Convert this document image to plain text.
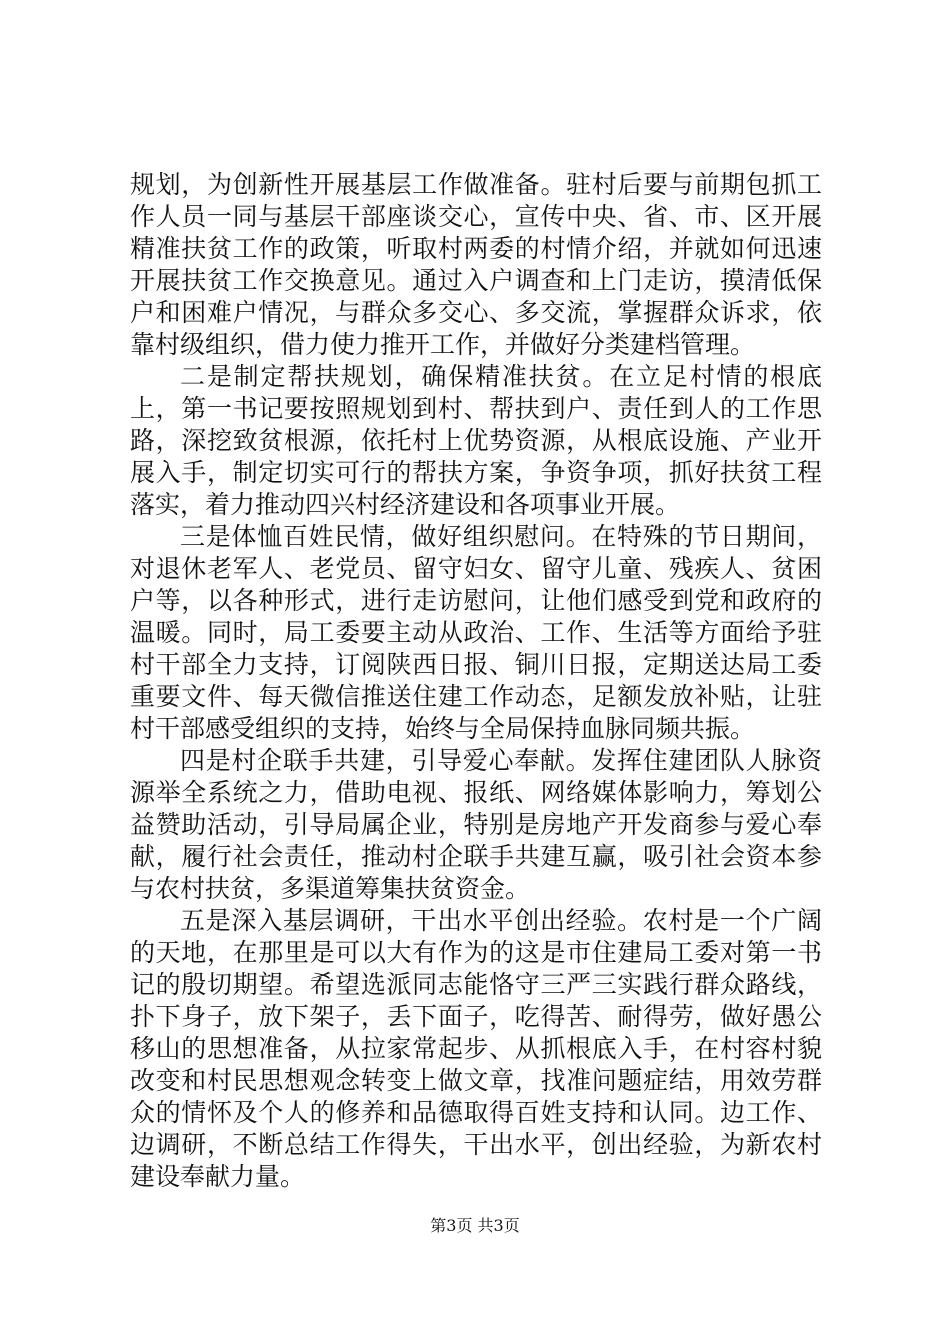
规划，为创新性开展基层工作做准备。驻村后要与前期包抓工作人员一同与基层干部座谈交心，宣传中央、省、市、区开展精准扶贫工作的政策，听取村两委的村情介绍，并就如何迅速开展扶贫工作交换意见。通过入户调查和上门走访，摸清低保户和困难户情况，与群众多交心、多交流，掌握群众诉求，依靠村级组织，借力使力推开工作，并做好分类建档管理。

二是制定帮扶规划，确保精准扶贫。在立足村情的根底上，第一书记要按照规划到村、帮扶到户、责任到人的工作思路，深挖致贫根源，依托村上优势资源，从根底设施、产业开展入手，制定切实可行的帮扶方案，争资争项，抓好扶贫工程落实，着力推动四兴村经济建设和各项事业开展。

三是体恤百姓民情，做好组织慰问。在特殊的节日期间，对退休老军人、老党员、留守妇女、留守儿童、残疾人、贫困户等，以各种形式，进行走访慰问，让他们感受到党和政府的温暖。同时，局工委要主动从政治、工作、生活等方面给予驻村干部全力支持，订阅陕西日报、铜川日报，定期送达局工委重要文件、每天微信推送住建工作动态，足额发放补贴，让驻村干部感受组织的支持，始终与全局保持血脉同频共振。

四是村企联手共建，引导爱心奉献。发挥住建团队人脉资源举全系统之力，借助电视、报纸、网络媒体影响力，筹划公益赞助活动，引导局属企业，特别是房地产开发商参与爱心奉献，履行社会责任，推动村企联手共建互赢，吸引社会资本参与农村扶贫，多渠道筹集扶贫资金。

五是深入基层调研，干出水平创出经验。农村是一个广阔的天地，在那里是可以大有作为的这是市住建局工委对第一书记的殷切期望。希望选派同志能恪守三严三实践行群众路线，扑下身子，放下架子，丢下面子，吃得苦、耐得劳，做好愚公移山的思想准备，从拉家常起步、从抓根底入手，在村容村貌改变和村民思想观念转变上做文章，找准问题症结，用效劳群众的情怀及个人的修养和品德取得百姓支持和认同。边工作、边调研，不断总结工作得失，干出水平，创出经验，为新农村建设奉献力量。

第3页 共3页
